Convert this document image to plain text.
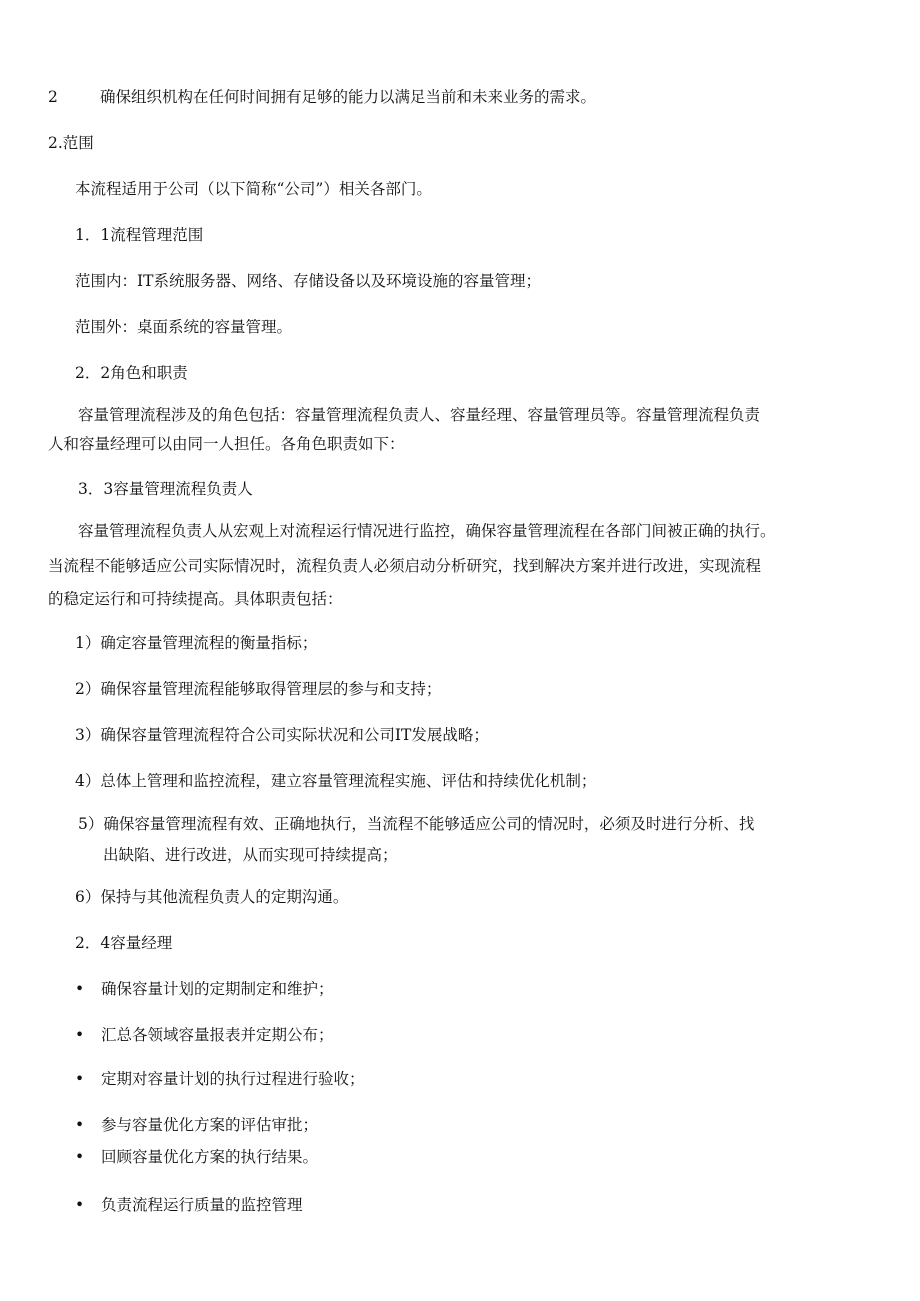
2	确保组织机构在任何时间拥有足够的能力以满足当前和未来业务的需求。
2.范围
本流程适用于公司（以下简称“公司”）相关各部门。
1．1流程管理范围
范围内：IT系统服务器、网络、存储设备以及环境设施的容量管理；
范围外：桌面系统的容量管理。
2．2角色和职责
容量管理流程涉及的角色包括：容量管理流程负责人、容量经理、容量管理员等。容量管理流程负责
人和容量经理可以由同一人担任。各角色职责如下：
3．3容量管理流程负责人
容量管理流程负责人从宏观上对流程运行情况进行监控，确保容量管理流程在各部门间被正确的执行。
当流程不能够适应公司实际情况时，流程负责人必须启动分析研究，找到解决方案并进行改进，实现流程
的稳定运行和可持续提高。具体职责包括：
1）确定容量管理流程的衡量指标；
2）确保容量管理流程能够取得管理层的参与和支持；
3）确保容量管理流程符合公司实际状况和公司IT发展战略；
4）总体上管理和监控流程，建立容量管理流程实施、评估和持续优化机制；
5）确保容量管理流程有效、正确地执行，当流程不能够适应公司的情况时，必须及时进行分析、找
出缺陷、进行改进，从而实现可持续提高；
6）保持与其他流程负责人的定期沟通。
2．4容量经理
• 确保容量计划的定期制定和维护；
• 汇总各领域容量报表并定期公布；
• 定期对容量计划的执行过程进行验收；
• 参与容量优化方案的评估审批；
• 回顾容量优化方案的执行结果。
• 负责流程运行质量的监控管理
